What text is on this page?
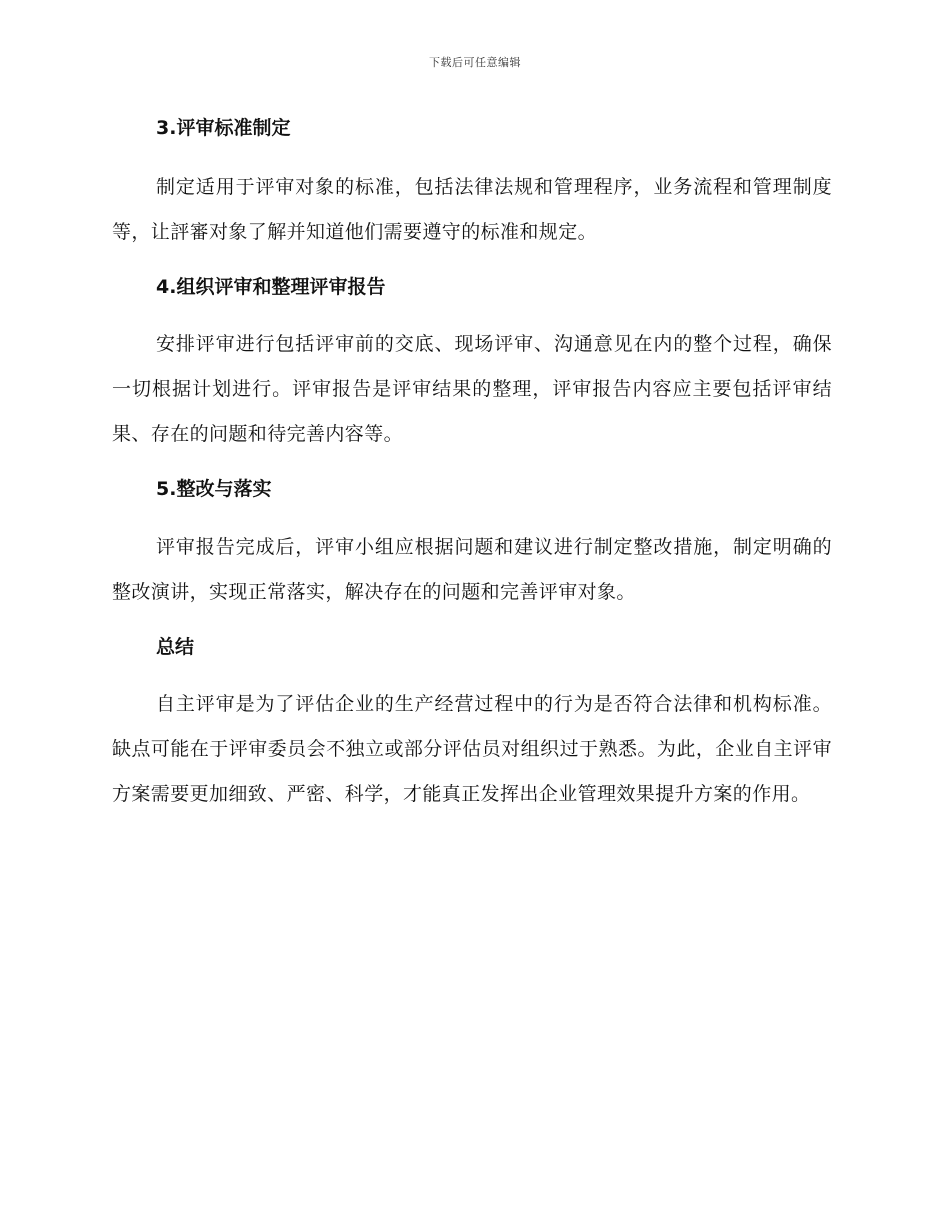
下载后可任意编辑
3.评审标准制定

制定适用于评审对象的标准，包括法律法规和管理程序，业务流程和管理制度等，让評審对象了解并知道他们需要遵守的标准和规定。

4.组织评审和整理评审报告

安排评审进行包括评审前的交底、现场评审、沟通意见在内的整个过程，确保一切根据计划进行。评审报告是评审结果的整理，评审报告内容应主要包括评审结果、存在的问题和待完善内容等。

5.整改与落实

评审报告完成后，评审小组应根据问题和建议进行制定整改措施，制定明确的整改演讲，实现正常落实，解决存在的问题和完善评审对象。

总结

自主评审是为了评估企业的生产经营过程中的行为是否符合法律和机构标准。缺点可能在于评审委员会不独立或部分评估员对组织过于熟悉。为此，企业自主评审方案需要更加细致、严密、科学，才能真正发挥出企业管理效果提升方案的作用。
